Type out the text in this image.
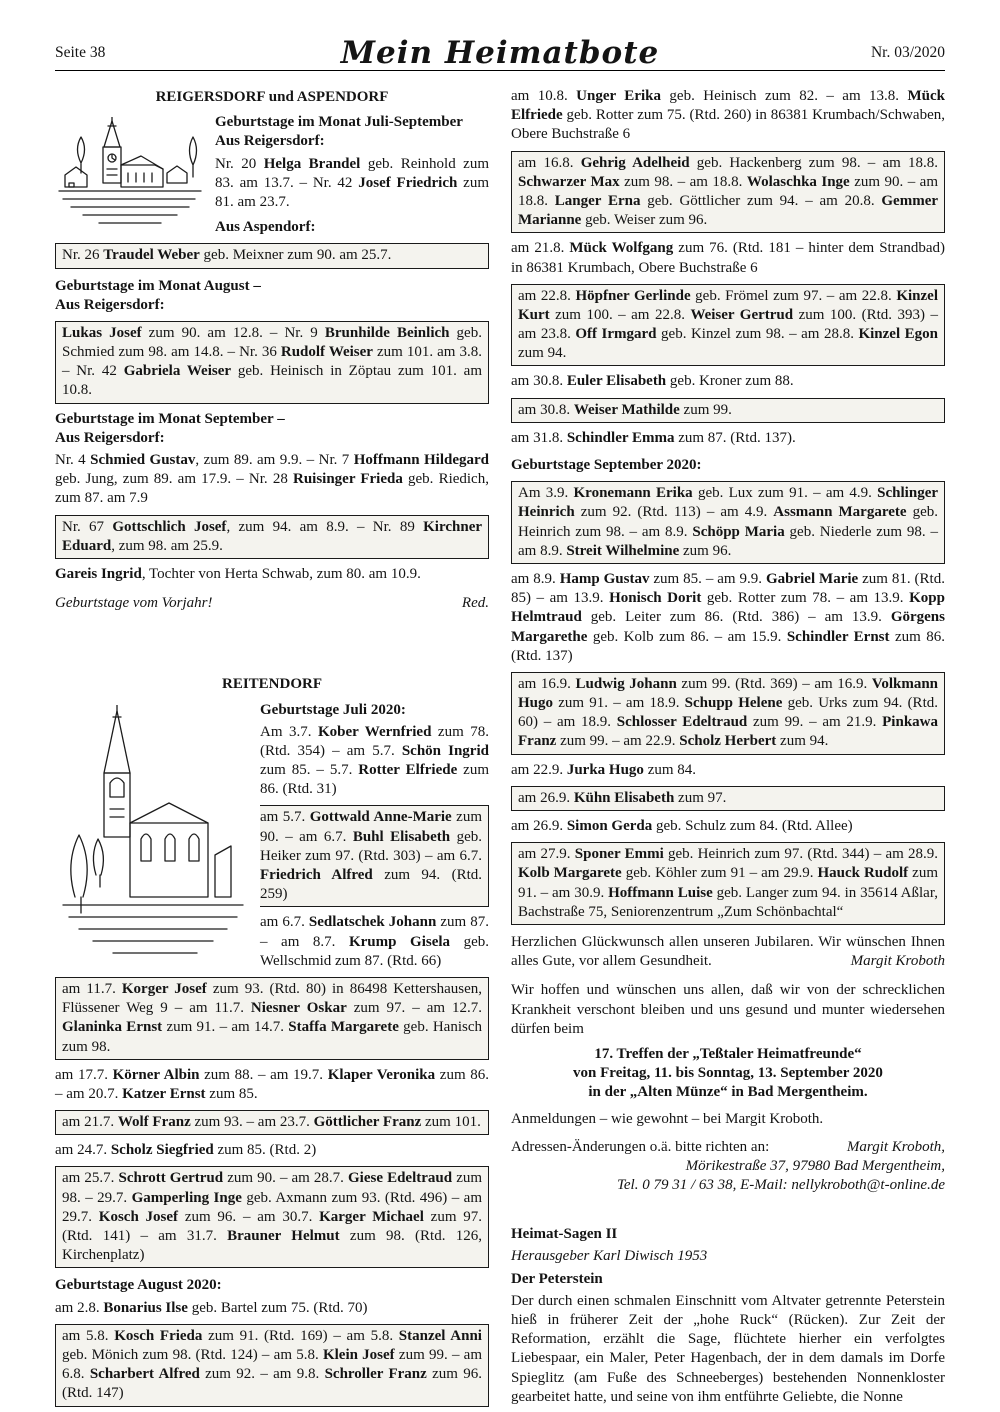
Seite 38	Mein Heimatbote	Nr. 03/2020
REIGERSDORF und ASPENDORF
Geburtstage im Monat Juli-September
Aus Reigersdorf:
Nr. 20 Helga Brandel geb. Reinhold zum 83. am 13.7. – Nr. 42 Josef Friedrich zum 81. am 23.7.
Aus Aspendorf:
Nr. 26 Traudel Weber geb. Meixner zum 90. am 25.7.
Geburtstage im Monat August –
Aus Reigersdorf:
Lukas Josef zum 90. am 12.8. – Nr. 9 Brunhilde Beinlich geb. Schmied zum 98. am 14.8. – Nr. 36 Rudolf Weiser zum 101. am 3.8. – Nr. 42 Gabriela Weiser geb. Heinisch in Zöptau zum 101. am 10.8.
Geburtstage im Monat September –
Aus Reigersdorf:
Nr. 4 Schmied Gustav, zum 89. am 9.9. – Nr. 7 Hoffmann Hildegard geb. Jung, zum 89. am 17.9. – Nr. 28 Ruisinger Frieda geb. Riedich, zum 87. am 7.9
Nr. 67 Gottschlich Josef, zum 94. am 8.9. – Nr. 89 Kirchner Eduard, zum 98. am 25.9.
Gareis Ingrid, Tochter von Herta Schwab, zum 80. am 10.9.
Geburtstage vom Vorjahr!	Red.
REITENDORF
Geburtstage Juli 2020:
Am 3.7. Kober Wernfried zum 78. (Rtd. 354) – am 5.7. Schön Ingrid zum 85. – 5.7. Rotter Elfriede zum 86. (Rtd. 31)
am 5.7. Gottwald Anne-Marie zum 90. – am 6.7. Buhl Elisabeth geb. Heiker zum 97. (Rtd. 303) – am 6.7. Friedrich Alfred zum 94. (Rtd. 259)
am 6.7. Sedlatschek Johann zum 87. – am 8.7. Krump Gisela geb. Wellschmid zum 87. (Rtd. 66)
am 11.7. Korger Josef zum 93. (Rtd. 80) in 86498 Kettershausen, Flüssener Weg 9 – am 11.7. Niesner Oskar zum 97. – am 12.7. Glaninka Ernst zum 91. – am 14.7. Staffa Margarete geb. Hanisch zum 98.
am 17.7. Körner Albin zum 88. – am 19.7. Klaper Veronika zum 86. – am 20.7. Katzer Ernst zum 85.
am 21.7. Wolf Franz zum 93. – am 23.7. Göttlicher Franz zum 101.
am 24.7. Scholz Siegfried zum 85. (Rtd. 2)
am 25.7. Schrott Gertrud zum 90. – am 28.7. Giese Edeltraud zum 98. – 29.7. Gamperling Inge geb. Axmann zum 93. (Rtd. 496) – am 29.7. Kosch Josef zum 96. – am 30.7. Karger Michael zum 97. (Rtd. 141) – am 31.7. Brauner Helmut zum 98. (Rtd. 126, Kirchenplatz)
Geburtstage August 2020:
am 2.8. Bonarius Ilse geb. Bartel zum 75. (Rtd. 70)
am 5.8. Kosch Frieda zum 91. (Rtd. 169) – am 5.8. Stanzel Anni geb. Mönich zum 98. (Rtd. 124) – am 5.8. Klein Josef zum 99. – am 6.8. Scharbert Alfred zum 92. – am 9.8. Schroller Franz zum 96. (Rtd. 147)
am 10.8. Unger Erika geb. Heinisch zum 82. – am 13.8. Mück Elfriede geb. Rotter zum 75. (Rtd. 260) in 86381 Krumbach/Schwaben, Obere Buchstraße 6
am 16.8. Gehrig Adelheid geb. Hackenberg zum 98. – am 18.8. Schwarzer Max zum 98. – am 18.8. Wolaschka Inge zum 90. – am 18.8. Langer Erna geb. Göttlicher zum 94. – am 20.8. Gemmer Marianne geb. Weiser zum 96.
am 21.8. Mück Wolfgang zum 76. (Rtd. 181 – hinter dem Strandbad) in 86381 Krumbach, Obere Buchstraße 6
am 22.8. Höpfner Gerlinde geb. Frömel zum 97. – am 22.8. Kinzel Kurt zum 100. – am 22.8. Weiser Gertrud zum 100. (Rtd. 393) – am 23.8. Off Irmgard geb. Kinzel zum 98. – am 28.8. Kinzel Egon zum 94.
am 30.8. Euler Elisabeth geb. Kroner zum 88.
am 30.8. Weiser Mathilde zum 99.
am 31.8. Schindler Emma zum 87. (Rtd. 137).
Geburtstage September 2020:
Am 3.9. Kronemann Erika geb. Lux zum 91. – am 4.9. Schlinger Heinrich zum 92. (Rtd. 113) – am 4.9. Assmann Margarete geb. Heinrich zum 98. – am 8.9. Schöpp Maria geb. Niederle zum 98. – am 8.9. Streit Wilhelmine zum 96.
am 8.9. Hamp Gustav zum 85. – am 9.9. Gabriel Marie zum 81. (Rtd. 85) – am 13.9. Honisch Dorit geb. Rotter zum 78. – am 13.9. Kopp Helmtraud geb. Leiter zum 86. (Rtd. 386) – am 13.9. Görgens Margarethe geb. Kolb zum 86. – am 15.9. Schindler Ernst zum 86. (Rtd. 137)
am 16.9. Ludwig Johann zum 99. (Rtd. 369) – am 16.9. Volkmann Hugo zum 91. – am 18.9. Schupp Helene geb. Urks zum 94. (Rtd. 60) – am 18.9. Schlosser Edeltraud zum 99. – am 21.9. Pinkawa Franz zum 99. – am 22.9. Scholz Herbert zum 94.
am 22.9. Jurka Hugo zum 84.
am 26.9. Kühn Elisabeth zum 97.
am 26.9. Simon Gerda geb. Schulz zum 84. (Rtd. Allee)
am 27.9. Sponer Emmi geb. Heinrich zum 97. (Rtd. 344) – am 28.9. Kolb Margarete geb. Köhler zum 91 – am 29.9. Hauck Rudolf zum 91. – am 30.9. Hoffmann Luise geb. Langer zum 94. in 35614 Aßlar, Bachstraße 75, Seniorenzentrum „Zum Schönbachtal“
Herzlichen Glückwunsch allen unseren Jubilaren. Wir wünschen Ihnen alles Gute, vor allem Gesundheit.	Margit Kroboth
Wir hoffen und wünschen uns allen, daß wir von der schrecklichen Krankheit verschont bleiben und uns gesund und munter wiedersehen dürfen beim
17. Treffen der „Teßtaler Heimatfreunde“
von Freitag, 11. bis Sonntag, 13. September 2020
in der „Alten Münze“ in Bad Mergentheim.
Anmeldungen – wie gewohnt – bei Margit Kroboth.
Adressen-Änderungen o.ä. bitte richten an:	Margit Kroboth,
Mörikestraße 37, 97980 Bad Mergentheim,
Tel. 0 79 31 / 63 38, E-Mail: nellykroboth@t-online.de
Heimat-Sagen II
Herausgeber Karl Diwisch 1953
Der Peterstein
Der durch einen schmalen Einschnitt vom Altvater getrennte Peterstein hieß in früherer Zeit der „hohe Ruck“ (Rücken). Zur Zeit der Reformation, erzählt die Sage, flüchtete hierher ein verfolgtes Liebespaar, ein Maler, Peter Hagenbach, der in dem damals im Dorfe Spieglitz (am Fuße des Schneeberges) bestehenden Nonnenkloster gearbeitet hatte, und seine von ihm entführte Geliebte, die Nonne
